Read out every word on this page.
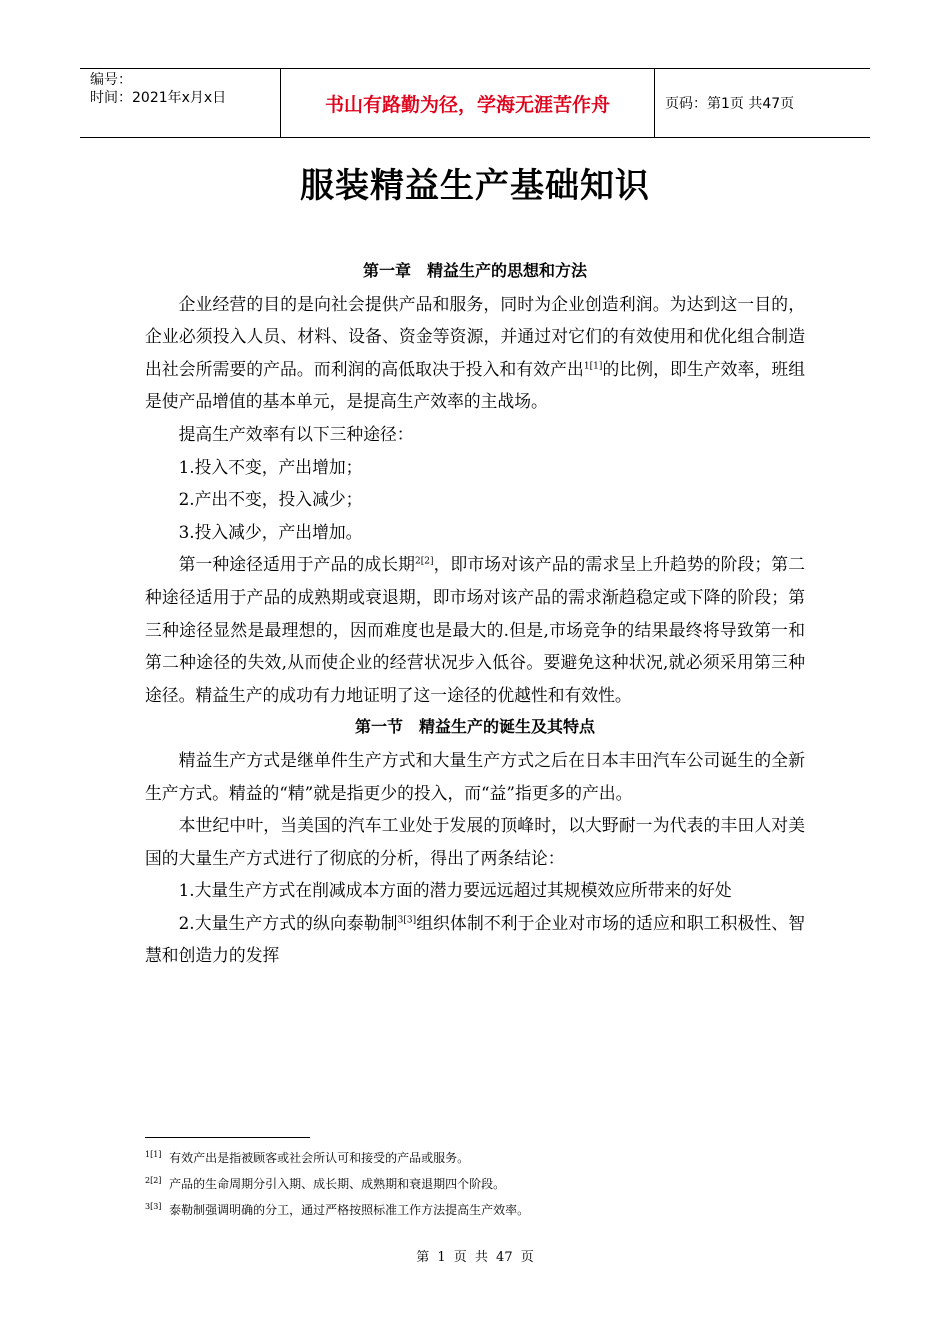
编号：
时间：2021年x月x日	书山有路勤为径，学海无涯苦作舟	页码：第1页 共47页
服装精益生产基础知识

第一章　精益生产的思想和方法

企业经营的目的是向社会提供产品和服务，同时为企业创造利润。为达到这一目的，企业必须投入人员、材料、设备、资金等资源，并通过对它们的有效使用和优化组合制造出社会所需要的产品。而利润的高低取决于投入和有效产出$^{1[1]}$的比例，即生产效率，班组是使产品增值的基本单元，是提高生产效率的主战场。

提高生产效率有以下三种途径：

1.投入不变，产出增加；

2.产出不变，投入减少；

3.投入减少，产出增加。

第一种途径适用于产品的成长期$^{2[2]}$，即市场对该产品的需求呈上升趋势的阶段；第二种途径适用于产品的成熟期或衰退期，即市场对该产品的需求渐趋稳定或下降的阶段；第三种途径显然是最理想的，因而难度也是最大的.但是,市场竞争的结果最终将导致第一和第二种途径的失效,从而使企业的经营状况步入低谷。要避免这种状况,就必须采用第三种途径。精益生产的成功有力地证明了这一途径的优越性和有效性。

第一节　精益生产的诞生及其特点

精益生产方式是继单件生产方式和大量生产方式之后在日本丰田汽车公司诞生的全新生产方式。精益的“精”就是指更少的投入，而“益”指更多的产出。

本世纪中叶，当美国的汽车工业处于发展的顶峰时，以大野耐一为代表的丰田人对美国的大量生产方式进行了彻底的分析，得出了两条结论：

1.大量生产方式在削减成本方面的潜力要远远超过其规模效应所带来的好处

2.大量生产方式的纵向泰勒制$^{3[3]}$组织体制不利于企业对市场的适应和职工积极性、智慧和创造力的发挥

$^{1[1]}$ 有效产出是指被顾客或社会所认可和接受的产品或服务。
$^{2[2]}$ 产品的生命周期分引入期、成长期、成熟期和衰退期四个阶段。
$^{3[3]}$ 泰勒制强调明确的分工，通过严格按照标准工作方法提高生产效率。
第 1 页 共 47 页
